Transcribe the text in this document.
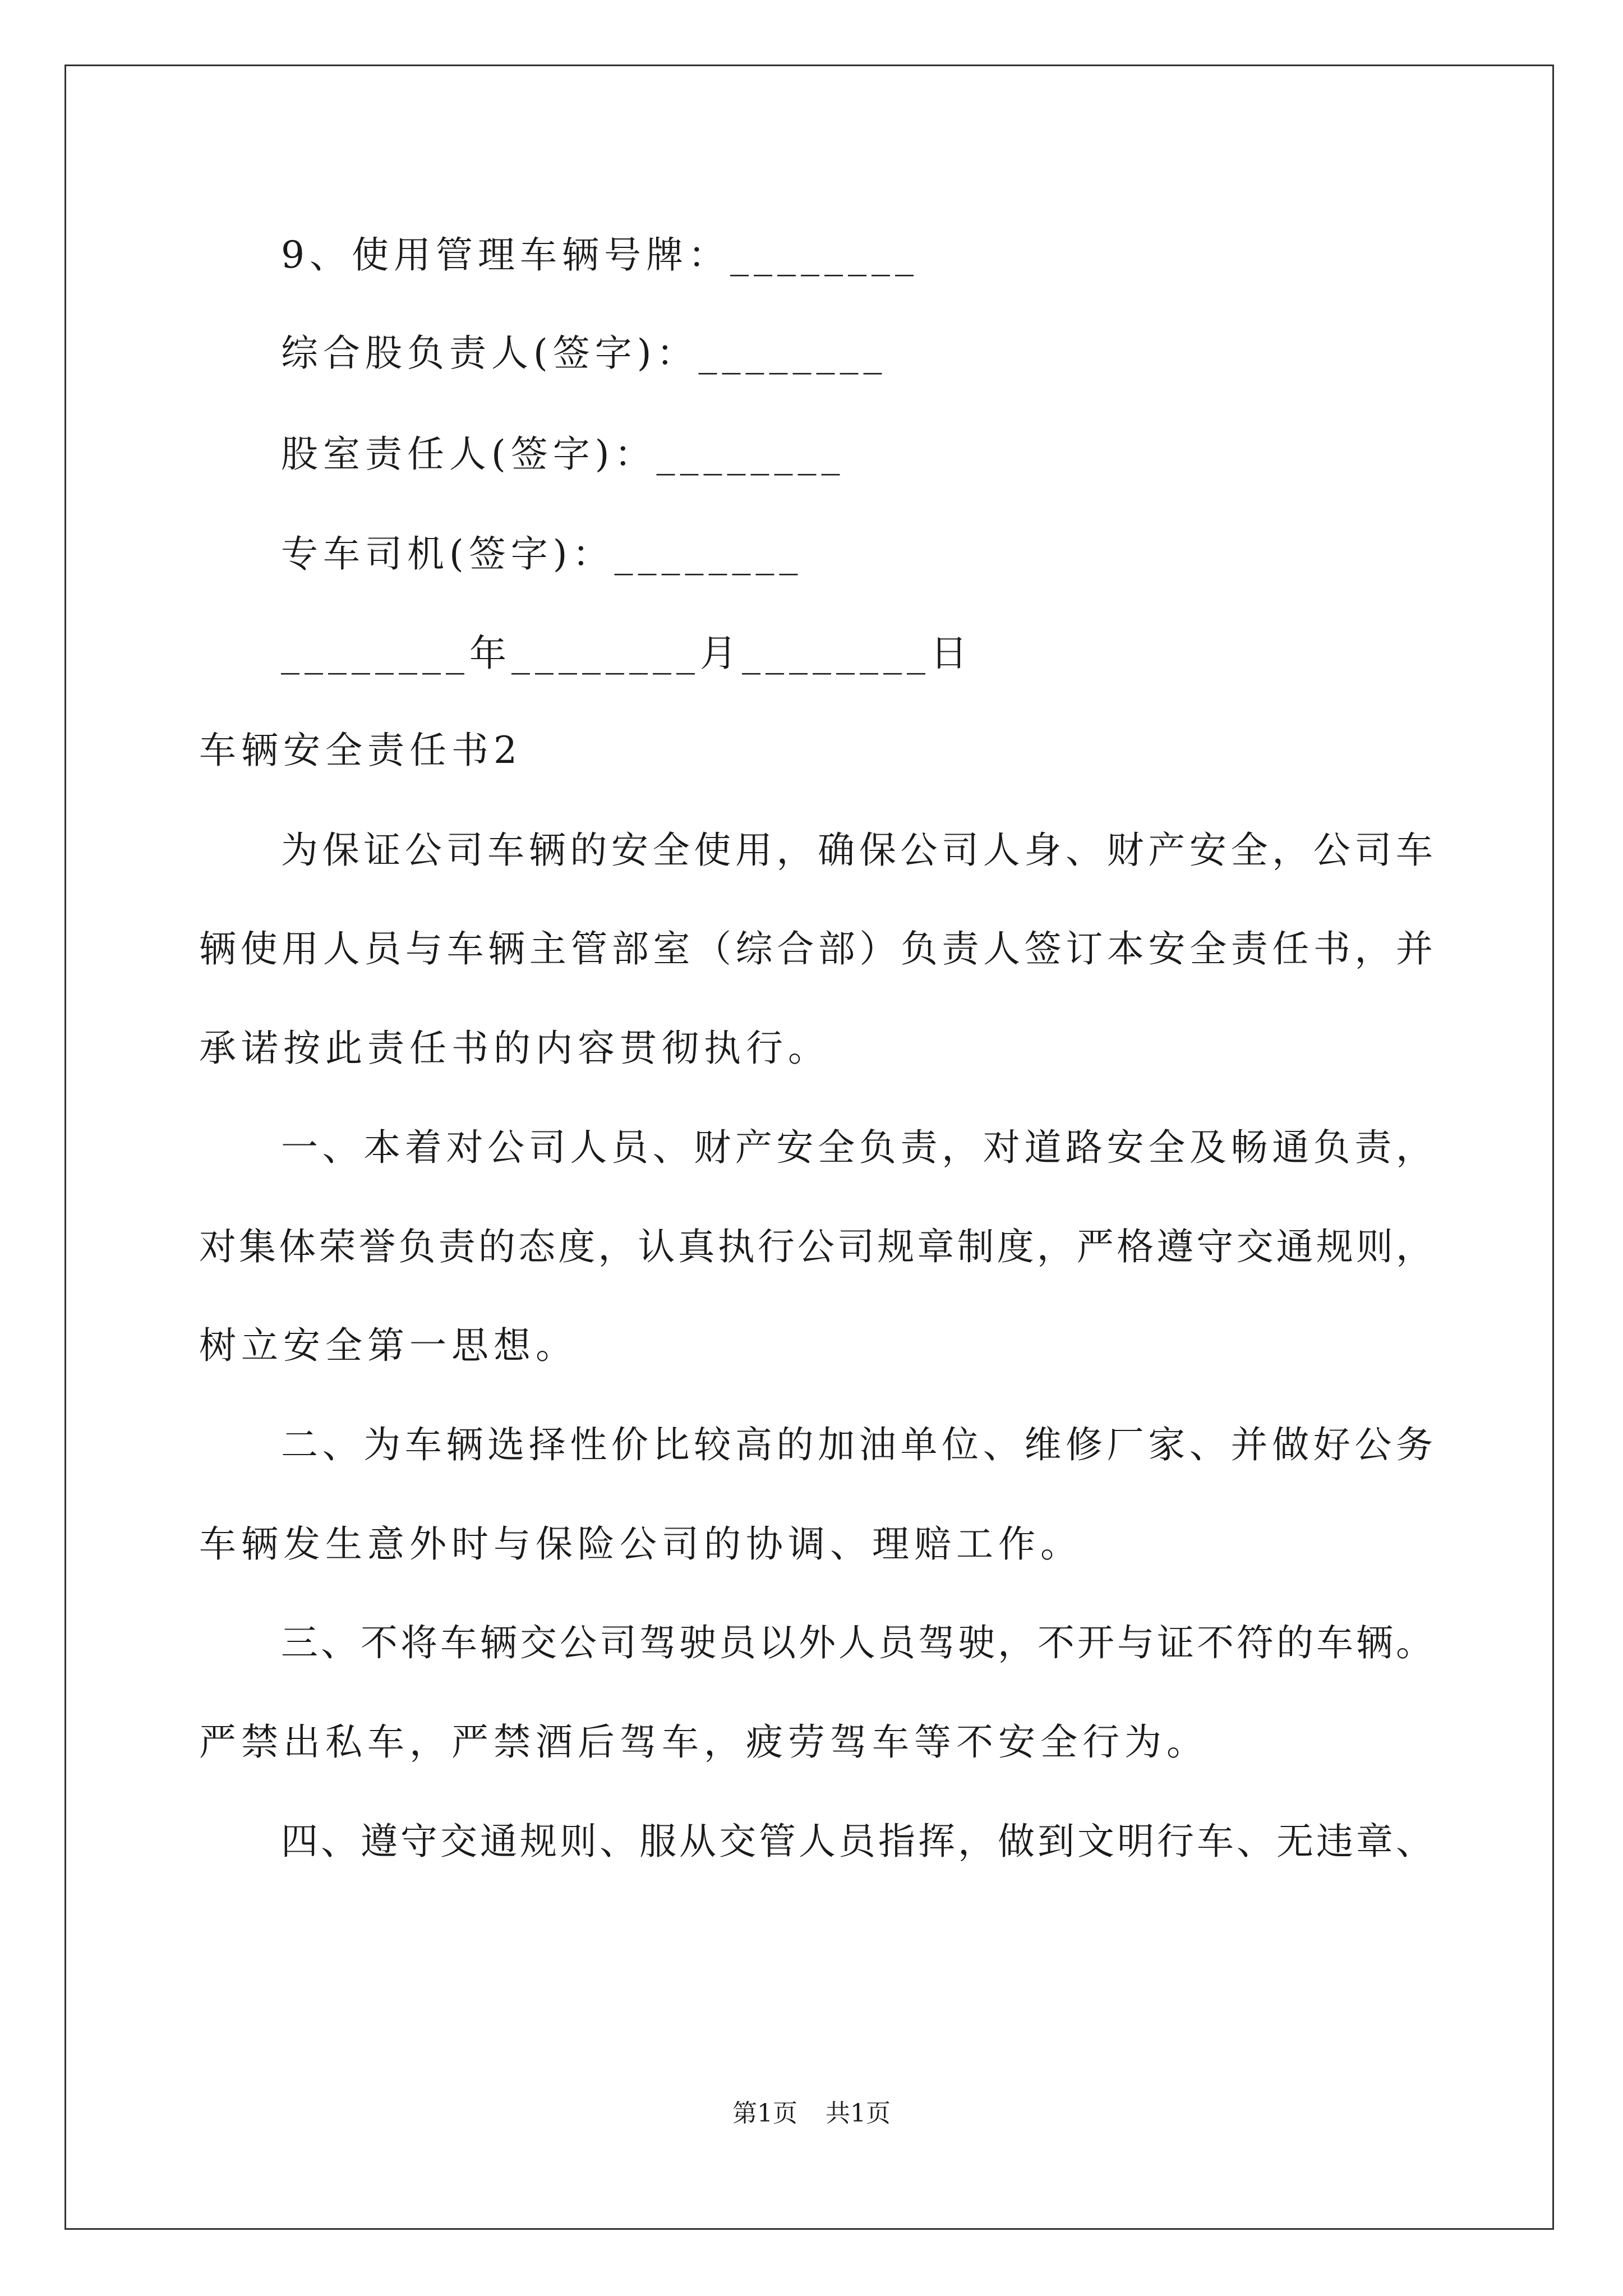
9、使用管理车辆号牌：________
综合股负责人(签字)：________
股室责任人(签字)：________
专车司机(签字)：________
________年________月________日
车辆安全责任书2
为保证公司车辆的安全使用，确保公司人身、财产安全，公司车
辆使用人员与车辆主管部室（综合部）负责人签订本安全责任书，并
承诺按此责任书的内容贯彻执行。
一、本着对公司人员、财产安全负责，对道路安全及畅通负责，
对集体荣誉负责的态度，认真执行公司规章制度，严格遵守交通规则，
树立安全第一思想。
二、为车辆选择性价比较高的加油单位、维修厂家、并做好公务
车辆发生意外时与保险公司的协调、理赔工作。
三、不将车辆交公司驾驶员以外人员驾驶，不开与证不符的车辆。
严禁出私车，严禁酒后驾车，疲劳驾车等不安全行为。
四、遵守交通规则、服从交管人员指挥，做到文明行车、无违章、
第1页 共1页
